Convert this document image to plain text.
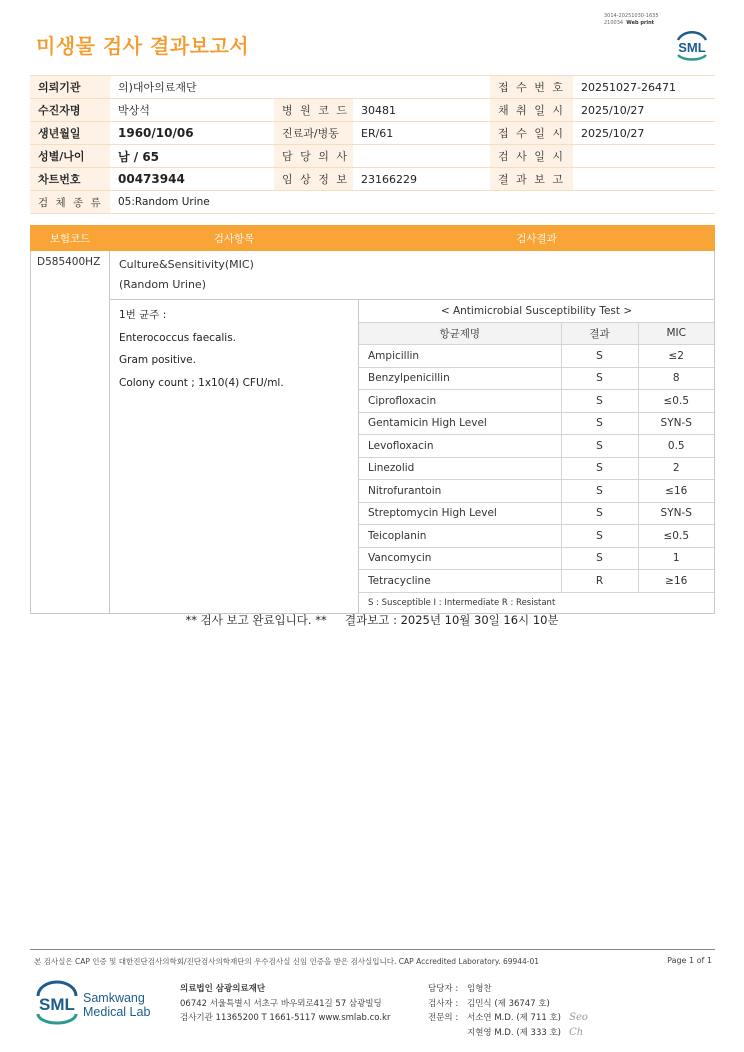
미생물 검사 결과보고서
3014-20251030-1635
210034 Web print
SML
의뢰기관	의)대아의료재단			접 수 번 호	20251027-26471
수진자명	박상석	병 원 코 드	30481	채 취 일 시	2025/10/27
생년월일	1960/10/06	진료과/병동	ER/61	접 수 일 시	2025/10/27
성별/나이	남 / 65	담 당 의 사		검 사 일 시	
차트번호	00473944	임 상 정 보	23166229	결 과 보 고	
검 체 종 류	05:Random Urine				
보험코드	검사항목	검사결과
D585400HZ	Culture&Sensitivity(MIC)
(Random Urine)

1번 균주 :
Enterococcus faecalis.
Gram positive.
Colony count ; 1x10(4) CFU/ml.

< Antimicrobial Susceptibility Test >
항균제명	결과	MIC
Ampicillin	S	≤2
Benzylpenicillin	S	8
Ciprofloxacin	S	≤0.5
Gentamicin High Level	S	SYN-S
Levofloxacin	S	0.5
Linezolid	S	2
Nitrofurantoin	S	≤16
Streptomycin High Level	S	SYN-S
Teicoplanin	S	≤0.5
Vancomycin	S	1
Tetracycline	R	≥16
S : Susceptible I : Intermediate R : Resistant
** 검사 보고 완료입니다. **     결과보고 : 2025년 10월 30일 16시 10분
본 검사실은 CAP 인증 및 대한진단검사의학회/진단검사의학재단의 우수검사실 신임 인증을 받은 검사실입니다. CAP Accredited Laboratory. 69944-01	Page 1 of 1
SML Samkwang
Medical Lab
의료법인 삼광의료재단
06742 서울특별시 서초구 바우뫼로41길 57 삼광빌딩
검사기관 11365200 T 1661-5117 www.smlab.co.kr
담당자 : 임형찬
검사자 : 김민식 (제 36747 호)
전문의 : 서소연 M.D. (제 711 호) Seo
지현영 M.D. (제 333 호) Ch
